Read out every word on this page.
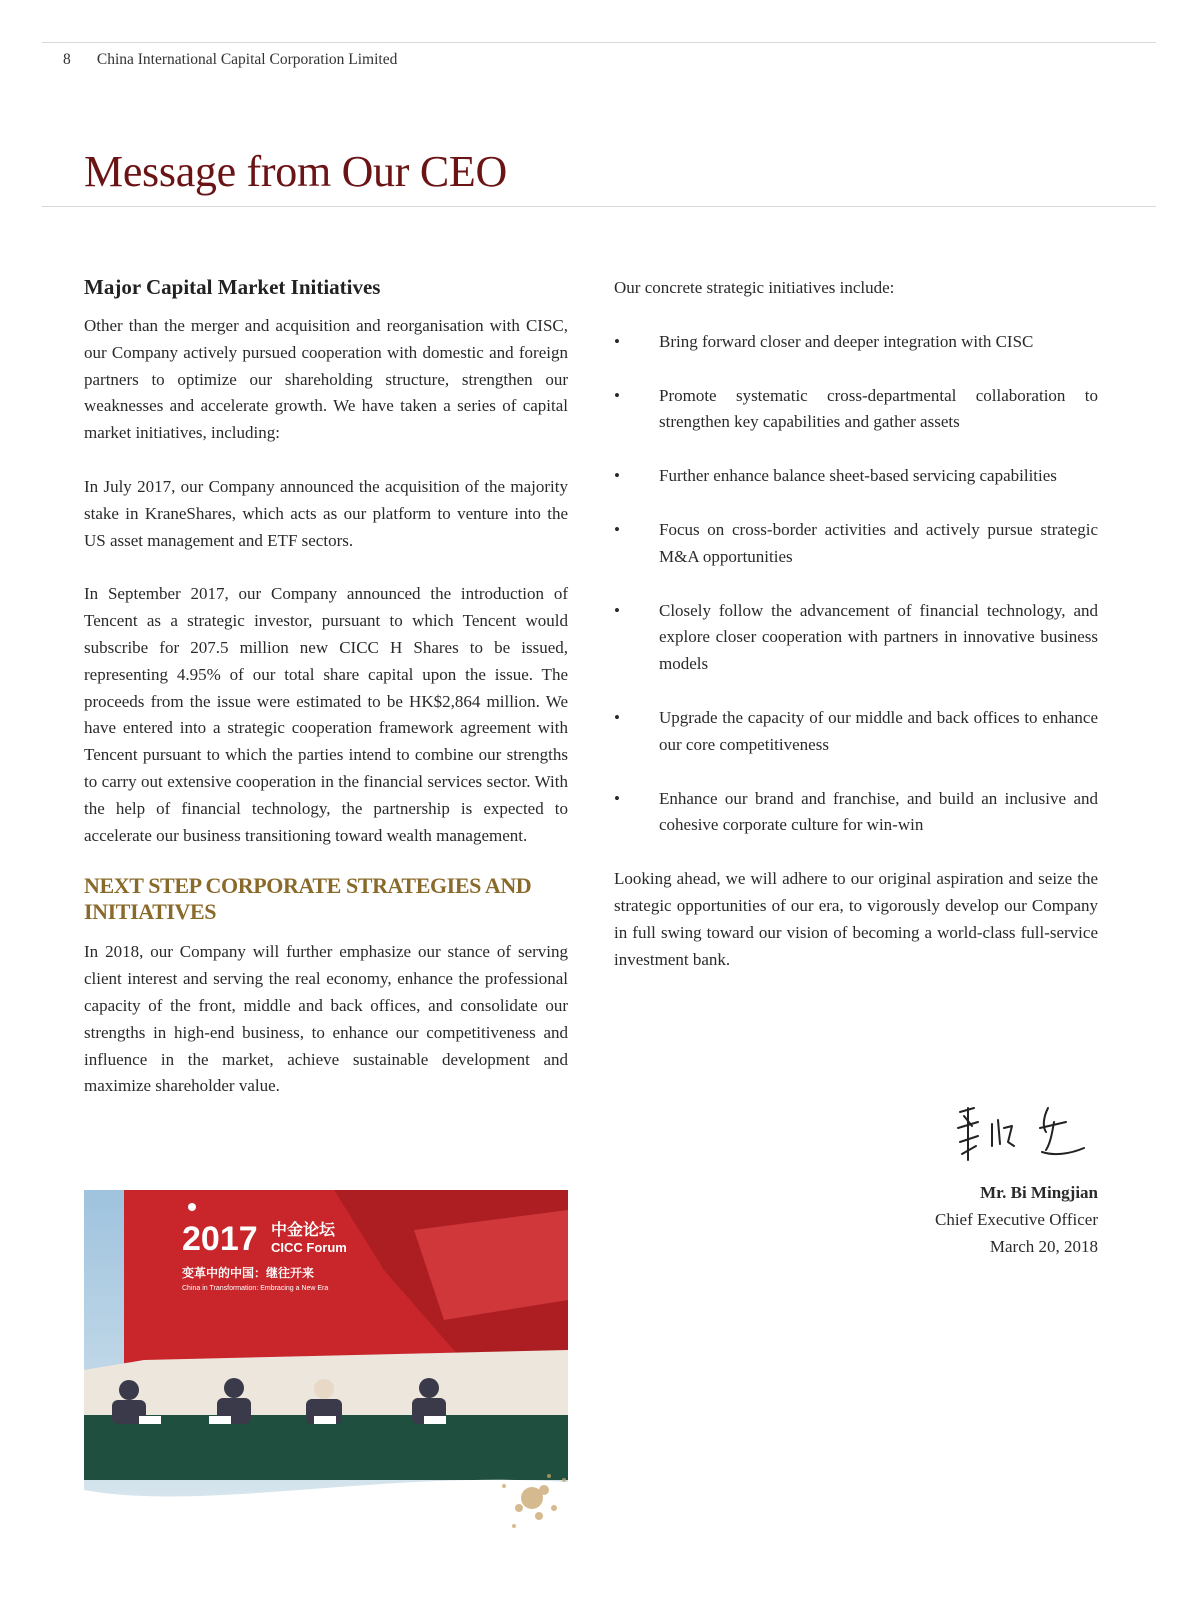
8 China International Capital Corporation Limited
Message from Our CEO
Major Capital Market Initiatives

Other than the merger and acquisition and reorganisation with CISC, our Company actively pursued cooperation with domestic and foreign partners to optimize our shareholding structure, strengthen our weaknesses and accelerate growth. We have taken a series of capital market initiatives, including:

In July 2017, our Company announced the acquisition of the majority stake in KraneShares, which acts as our platform to venture into the US asset management and ETF sectors.

In September 2017, our Company announced the introduction of Tencent as a strategic investor, pursuant to which Tencent would subscribe for 207.5 million new CICC H Shares to be issued, representing 4.95% of our total share capital upon the issue. The proceeds from the issue were estimated to be HK$2,864 million. We have entered into a strategic cooperation framework agreement with Tencent pursuant to which the parties intend to combine our strengths to carry out extensive cooperation in the financial services sector. With the help of financial technology, the partnership is expected to accelerate our business transitioning toward wealth management.

NEXT STEP CORPORATE STRATEGIES AND INITIATIVES

In 2018, our Company will further emphasize our stance of serving client interest and serving the real economy, enhance the professional capacity of the front, middle and back offices, and consolidate our strengths in high-end business, to enhance our competitiveness and influence in the market, achieve sustainable development and maximize shareholder value.

2017 中金论坛
CICC Forum
变革中的中国：继往开来
China in Transformation: Embracing a New Era

Our concrete strategic initiatives include:

• Bring forward closer and deeper integration with CISC
• Promote systematic cross-departmental collaboration to strengthen key capabilities and gather assets
• Further enhance balance sheet-based servicing capabilities
• Focus on cross-border activities and actively pursue strategic M&A opportunities
• Closely follow the advancement of financial technology, and explore closer cooperation with partners in innovative business models
• Upgrade the capacity of our middle and back offices to enhance our core competitiveness
• Enhance our brand and franchise, and build an inclusive and cohesive corporate culture for win-win

Looking ahead, we will adhere to our original aspiration and seize the strategic opportunities of our era, to vigorously develop our Company in full swing toward our vision of becoming a world-class full-service investment bank.

Mr. Bi Mingjian
Chief Executive Officer
March 20, 2018
